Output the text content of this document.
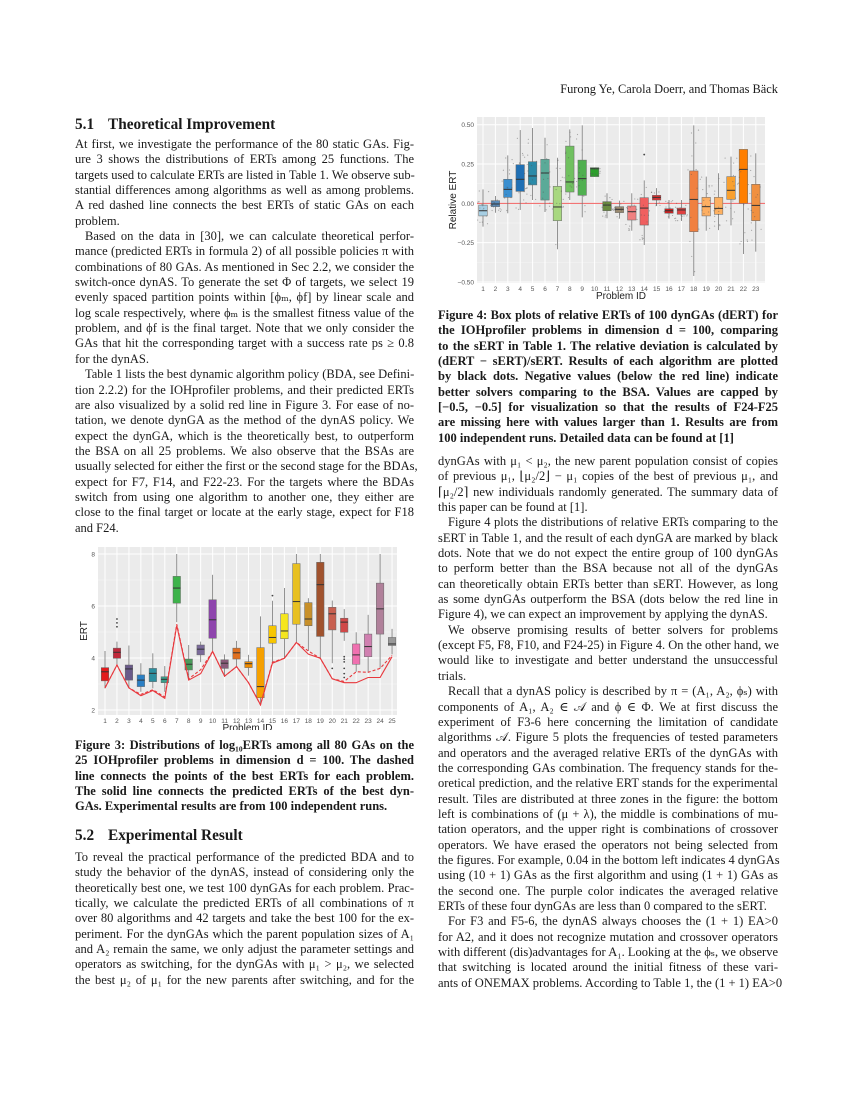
Furong Ye, Carola Doerr, and Thomas Bäck
5.1 Theoretical Improvement
At first, we investigate the performance of the 80 static GAs. Fig-
ure 3 shows the distributions of ERTs among 25 functions. The
targets used to calculate ERTs are listed in Table 1. We observe sub-
stantial differences among algorithms as well as among problems.
A red dashed line connects the best ERTs of static GAs on each
problem.
Based on the data in [30], we can calculate theoretical perfor-
mance (predicted ERTs in formula 2) of all possible policies π with
combinations of 80 GAs. As mentioned in Sec 2.2, we consider the
switch-once dynAS. To generate the set Φ of targets, we select 19
evenly spaced partition points within [ϕₘ, ϕf] by linear scale and
log scale respectively, where ϕₘ is the smallest fitness value of the
problem, and ϕf is the final target. Note that we only consider the
GAs that hit the corresponding target with a success rate ps ≥ 0.8
for the dynAS.
Table 1 lists the best dynamic algorithm policy (BDA, see Defini-
tion 2.2.2) for the IOHprofiler problems, and their predicted ERTs
are also visualized by a solid red line in Figure 3. For ease of no-
tation, we denote dynGA as the method of the dynAS policy. We
expect the dynGA, which is the theoretically best, to outperform
the BSA on all 25 problems. We also observe that the BSAs are
usually selected for either the first or the second stage for the BDAs,
expect for F7, F14, and F22-23. For the targets where the BDAs
switch from using one algorithm to another one, they either are
close to the final target or locate at the early stage, expect for F18
and F24.
2
4
6
8
1 2 3 4 5 6 7 8 9 10 11 12 13 14 15 16 17 18 19 20 21 22 23 24 25
Problem ID
ERT
Figure 3: Distributions of log₁₀ERTs among all 80 GAs on the
25 IOHprofiler problems in dimension d = 100. The dashed
line connects the points of the best ERTs for each problem.
The solid line connects the predicted ERTs of the best dyn-
GAs. Experimental results are from 100 independent runs.
5.2 Experimental Result
To reveal the practical performance of the predicted BDA and to
study the behavior of the dynAS, instead of considering only the
theoretically best one, we test 100 dynGAs for each problem. Prac-
tically, we calculate the predicted ERTs of all combinations of π
over 80 algorithms and 42 targets and take the best 100 for the ex-
periment. For the dynGAs which the parent population sizes of A₁
and A₂ remain the same, we only adjust the parameter settings and
operators as switching, for the dynGAs with μ₁ > μ₂, we selected
the best μ₂ of μ₁ for the new parents after switching, and for the
−0.50
−0.25
0.00
0.25
0.50
1 2 3 4 5 6 7 8 9 10 11 12 13 14 15 16 17 18 19 20 21 22 23
Problem ID
Relative ERT
Figure 4: Box plots of relative ERTs of 100 dynGAs (dERT) for
the IOHprofiler problems in dimension d = 100, comparing
to the sERT in Table 1. The relative deviation is calculated by
(dERT − sERT)/sERT. Results of each algorithm are plotted
by black dots. Negative values (below the red line) indicate
better solvers comparing to the BSA. Values are capped by
[−0.5, −0.5] for visualization so that the results of F24-F25
are missing here with values larger than 1. Results are from
100 independent runs. Detailed data can be found at [1]
dynGAs with μ₁ < μ₂, the new parent population consist of copies
of previous μ₁, ⌊μ₂/2⌋ − μ₁ copies of the best of previous μ₁, and
⌈μ₂/2⌉ new individuals randomly generated. The summary data of
this paper can be found at [1].
Figure 4 plots the distributions of relative ERTs comparing to the
sERT in Table 1, and the result of each dynGA are marked by black
dots. Note that we do not expect the entire group of 100 dynGAs
to perform better than the BSA because not all of the dynGAs
can theoretically obtain ERTs better than sERT. However, as long
as some dynGAs outperform the BSA (dots below the red line in
Figure 4), we can expect an improvement by applying the dynAS.
We observe promising results of better solvers for problems
(except F5, F8, F10, and F24-25) in Figure 4. On the other hand, we
would like to investigate and better understand the unsuccessful
trials.
Recall that a dynAS policy is described by π = (A₁, A₂, ϕₛ) with
components of A₁, A₂ ∈ 𝒜 and ϕ ∈ Φ. We at first discuss the
experiment of F3-6 here concerning the limitation of candidate
algorithms 𝒜. Figure 5 plots the frequencies of tested parameters
and operators and the averaged relative ERTs of the dynGAs with
the corresponding GAs combination. The frequency stands for the-
oretical prediction, and the relative ERT stands for the experimental
result. Tiles are distributed at three zones in the figure: the bottom
left is combinations of (μ + λ), the middle is combinations of mu-
tation operators, and the upper right is combinations of crossover
operators. We have erased the operators not being selected from
the figures. For example, 0.04 in the bottom left indicates 4 dynGAs
using (10 + 1) GAs as the first algorithm and using (1 + 1) GAs as
the second one. The purple color indicates the averaged relative
ERTs of these four dynGAs are less than 0 compared to the sERT.
For F3 and F5-6, the dynAS always chooses the (1 + 1) EA>0
for A2, and it does not recognize mutation and crossover operators
with different (dis)advantages for A₁. Looking at the ϕₛ, we observe
that switching is located around the initial fitness of these vari-
ants of ONEMAX problems. According to Table 1, the (1 + 1) EA>0
